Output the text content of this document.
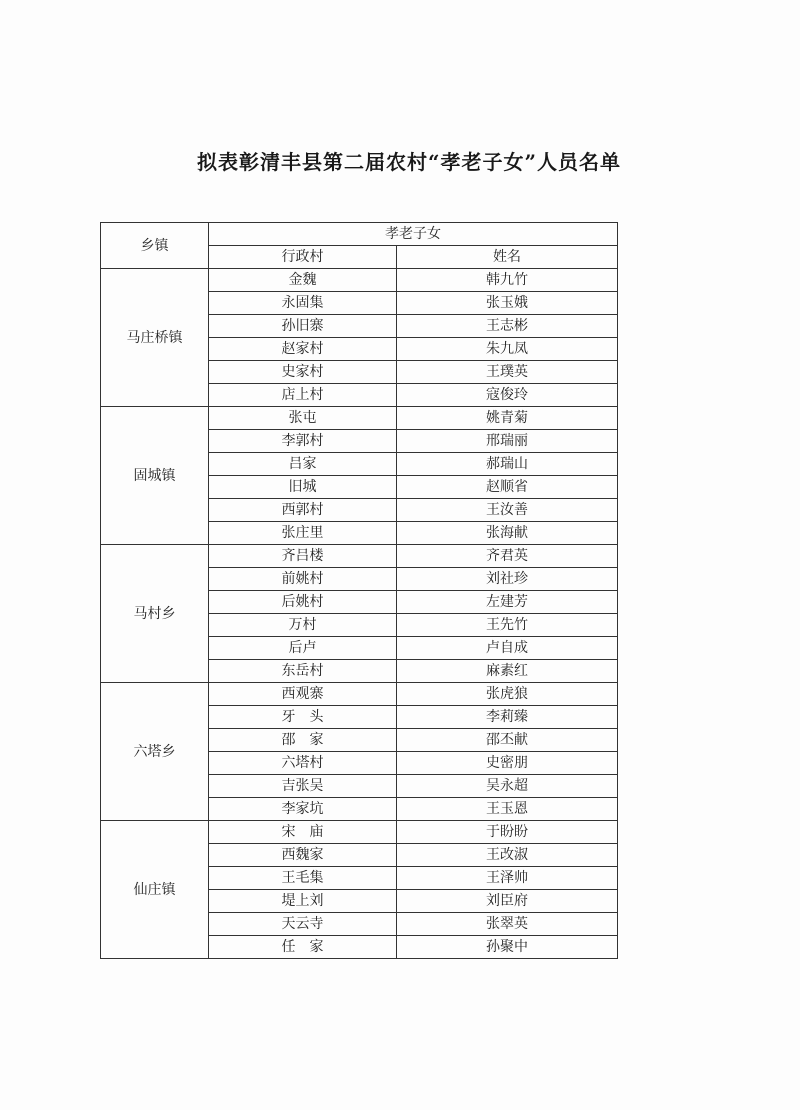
拟表彰清丰县第二届农村“孝老子女”人员名单
乡镇	孝老子女	
	行政村	姓名
马庄桥镇	金魏	韩九竹
	永固集	张玉娥
	孙旧寨	王志彬
	赵家村	朱九凤
	史家村	王璞英
	店上村	寇俊玲
固城镇	张屯	姚青菊
	李郭村	邢瑞丽
	吕家	郝瑞山
	旧城	赵顺省
	西郭村	王汝善
	张庄里	张海献
马村乡	齐吕楼	齐君英
	前姚村	刘社珍
	后姚村	左建芳
	万村	王先竹
	后卢	卢自成
	东岳村	麻素红
六塔乡	西观寨	张虎狼
	牙　头	李莉臻
	邵　家	邵丕献
	六塔村	史密朋
	吉张吴	吴永超
	李家坑	王玉恩
仙庄镇	宋　庙	于盼盼
	西魏家	王改淑
	王毛集	王泽帅
	堤上刘	刘臣府
	天云寺	张翠英
	任　家	孙聚中
